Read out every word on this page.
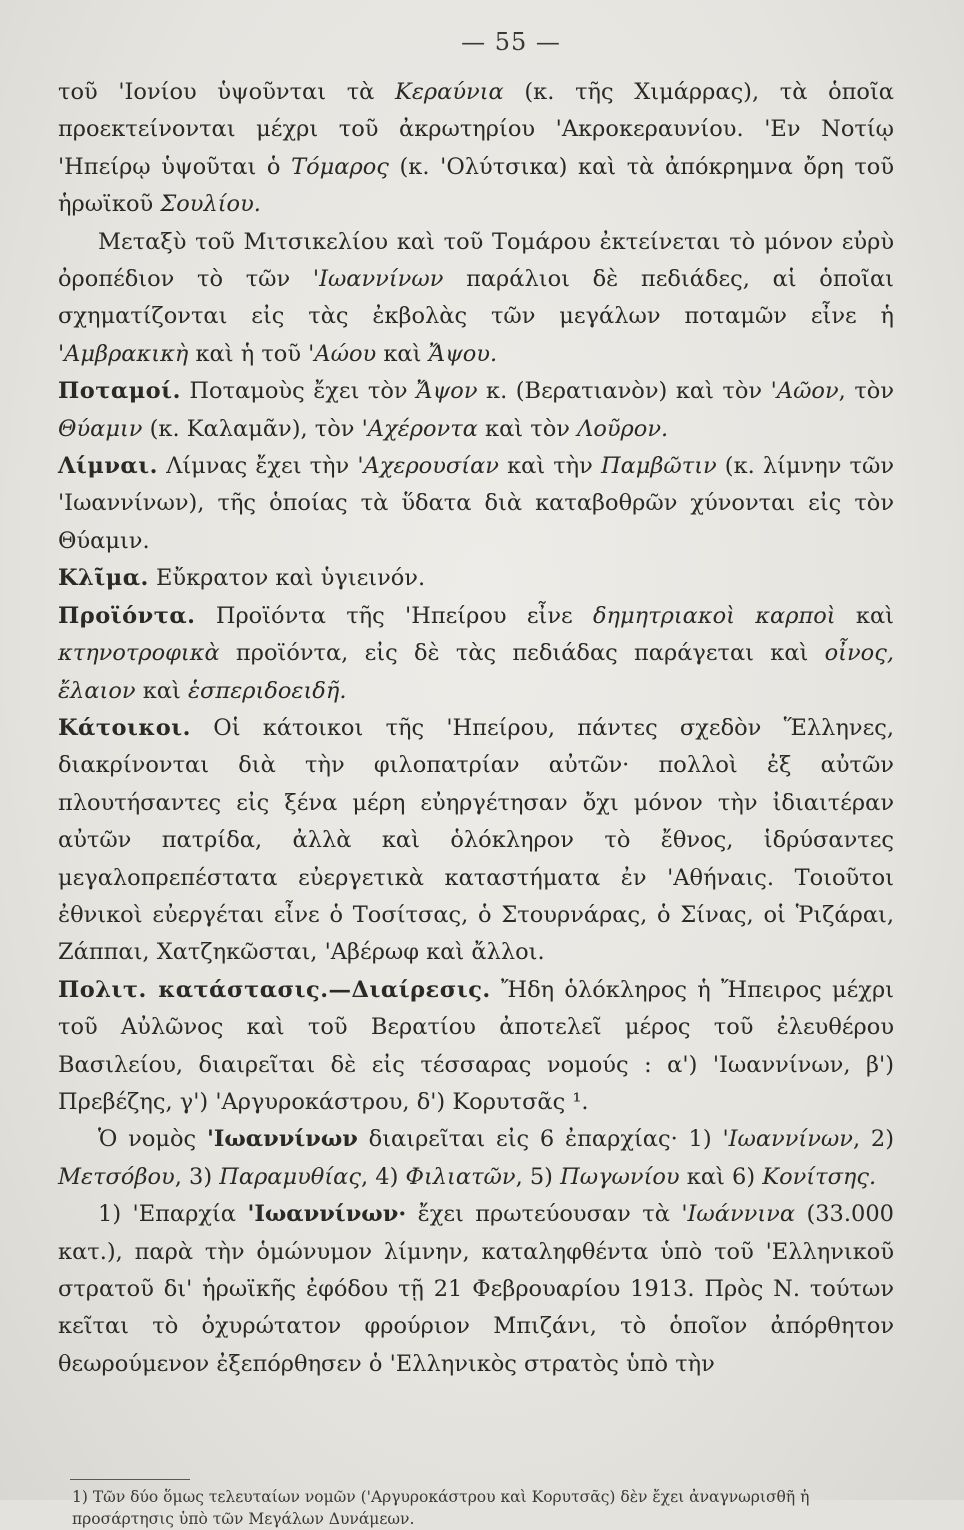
— 55 —

τοῦ 'Ιονίου ὑψοῦνται τὰ Κεραύνια (κ. τῆς Χιμάρρας), τὰ ὁποῖα προεκτείνονται μέχρι τοῦ ἀκρωτηρίου 'Ακροκεραυνίου. 'Εν Νοτίῳ 'Ηπείρῳ ὑψοῦται ὁ Τόμαρος (κ. 'Ολύτσικα) καὶ τὰ ἀπόκρημνα ὄρη τοῦ ἡρωϊκοῦ Σουλίου.

Μεταξὺ τοῦ Μιτσικελίου καὶ τοῦ Τομάρου ἐκτείνεται τὸ μόνον εὐρὺ ὀροπέδιον τὸ τῶν 'Ιωαννίνων παράλιοι δὲ πεδιάδες, αἱ ὁποῖαι σχηματίζονται εἰς τὰς ἐκβολὰς τῶν μεγάλων ποταμῶν εἶνε ἡ 'Αμβρακικὴ καὶ ἡ τοῦ 'Αώου καὶ Ἄψου.

Ποταμοί. Ποταμοὺς ἔχει τὸν Ἄψον κ. (Βερατιανὸν) καὶ τὸν 'Αῶον, τὸν Θύαμιν (κ. Καλαμᾶν), τὸν 'Αχέροντα καὶ τὸν Λοῦρον.

Λίμναι. Λίμνας ἔχει τὴν 'Αχερουσίαν καὶ τὴν Παμβῶτιν (κ. λίμνην τῶν 'Ιωαννίνων), τῆς ὁποίας τὰ ὕδατα διὰ καταβοθρῶν χύνονται εἰς τὸν Θύαμιν.

Κλῖμα. Εὔκρατον καὶ ὑγιεινόν.

Προϊόντα. Προϊόντα τῆς 'Ηπείρου εἶνε δημητριακοὶ καρποὶ καὶ κτηνοτροφικὰ προϊόντα, εἰς δὲ τὰς πεδιάδας παράγεται καὶ οἶνος, ἔλαιον καὶ ἑσπεριδοειδῆ.

Κάτοικοι. Οἱ κάτοικοι τῆς 'Ηπείρου, πάντες σχεδὸν Ἕλληνες, διακρίνονται διὰ τὴν φιλοπατρίαν αὐτῶν· πολλοὶ ἐξ αὐτῶν πλουτήσαντες εἰς ξένα μέρη εὐηργέτησαν ὄχι μόνον τὴν ἰδιαιτέραν αὐτῶν πατρίδα, ἀλλὰ καὶ ὁλόκληρον τὸ ἔθνος, ἱδρύσαντες μεγαλοπρεπέστατα εὐεργετικὰ καταστήματα ἐν 'Αθήναις. Τοιοῦτοι ἐθνικοὶ εὐεργέται εἶνε ὁ Τοσίτσας, ὁ Στουρνάρας, ὁ Σίνας, οἱ Ῥιζάραι, Ζάππαι, Χατζηκῶσται, 'Αβέρωφ καὶ ἄλλοι.

Πολιτ. κατάστασις.—Διαίρεσις. Ἤδη ὁλόκληρος ἡ Ἤπειρος μέχρι τοῦ Αὐλῶνος καὶ τοῦ Βερατίου ἀποτελεῖ μέρος τοῦ ἐλευθέρου Βασιλείου, διαιρεῖται δὲ εἰς τέσσαρας νομούς : α') 'Ιωαννίνων, β') Πρεβέζης, γ') 'Αργυροκάστρου, δ') Κορυτσᾶς ¹.

Ὁ νομὸς 'Ιωαννίνων διαιρεῖται εἰς 6 ἐπαρχίας· 1) 'Ιωαννίνων, 2) Μετσόβου, 3) Παραμυθίας, 4) Φιλιατῶν, 5) Πωγωνίου καὶ 6) Κονίτσης.

1) 'Επαρχία 'Ιωαννίνων· ἔχει πρωτεύουσαν τὰ 'Ιωάννινα (33.000 κατ.), παρὰ τὴν ὁμώνυμον λίμνην, καταληφθέντα ὑπὸ τοῦ 'Ελληνικοῦ στρατοῦ δι' ἡρωϊκῆς ἐφόδου τῇ 21 Φεβρουαρίου 1913. Πρὸς Ν. τούτων κεῖται τὸ ὀχυρώτατον φρούριον Μπιζάνι, τὸ ὁποῖον ἀπόρθητον θεωρούμενον ἐξεπόρθησεν ὁ 'Ελληνικὸς στρατὸς ὑπὸ τὴν

1) Τῶν δύο ὅμως τελευταίων νομῶν ('Αργυροκάστρου καὶ Κορυτσᾶς) δὲν ἔχει ἀναγνωρισθῆ ἡ προσάρτησις ὑπὸ τῶν Μεγάλων Δυνάμεων.
